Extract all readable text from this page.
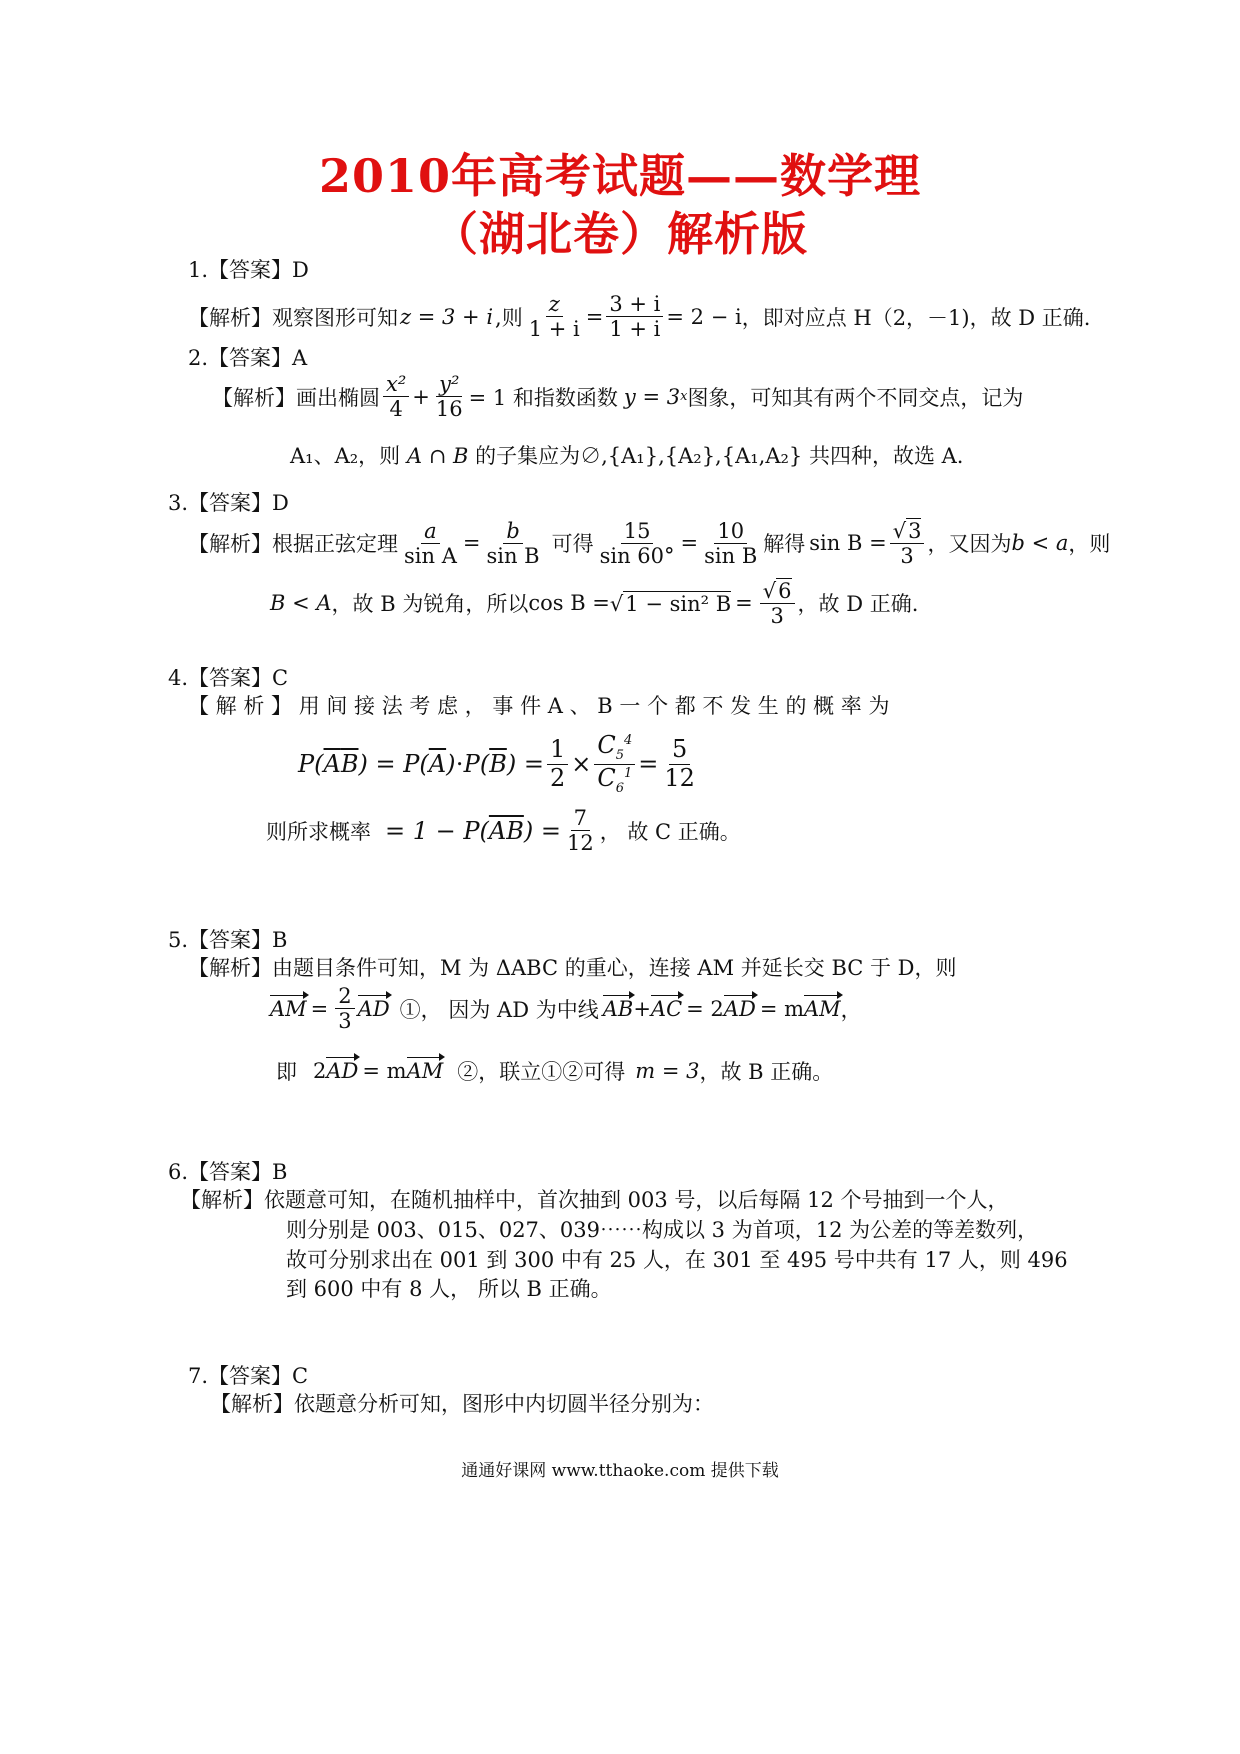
2010年高考试题——数学理
（湖北卷）解析版
1.【答案】D
【解析】观察图形可知 z = 3 + i ,则 $\frac{z}{1 + i} = \frac{3 + i}{1 + i} = 2 - i$ ，即对应点 H（2，－1)，故 D 正确.
2.【答案】A
【解析】画出椭圆 $\frac{\text{x²}}{4} + \frac{\text{y²}}{16} = 1$ 和指数函数 y = 3 x 图象，可知其有两个不同交点，记为
A₁、A₂，则 A ∩ B 的子集应为∅,{A₁},{A₂},{A₁,A₂} 共四种，故选 A.
3.【答案】D
【解析】根据正弦定理 $\frac{a}{\text{sin A}} = \frac{b}{\text{sin B}}$ 可得 $\frac{15}{\sin 60^\circ} = \frac{10}{\text{sin B}}$ 解得 $\sin B = \frac{√3}{3}$ ，又因为 b < a ，则
B < A ，故 B 为锐角，所以 cos B = √1 − sin² $B = \frac{√6}{3}$ ，故 D 正确.
4.【答案】C
【 解 析 】 用 间 接 法 考 虑 ， 事 件 A 、 B 一 个 都 不 发 生 的 概 率 为
P( $\overline{A}$ $\overline{B}$ ) = P( $\overline{A}$ )⋅P( $\overline{B}$ ) = $\frac{1}{2} \times \frac{C_5^4}{C_6^1} = \frac{5}{12}$
则所求概率 = 1 − P( $\overline{AB}$ ) = $\frac{7}{12}$ ， 故 C 正确。
5.【答案】B
【解析】由题目条件可知，M 为 ΔABC 的重心，连接 AM 并延长交 BC 于 D，则
AM = $\frac{2}{3}$ AD ①， 因为 AD 为中线 AB + AC = 2 AD = m AM ，
即 2 AD = m AM ②，联立①②可得 m = 3 ，故 B 正确。
6.【答案】B
【解析】依题意可知，在随机抽样中，首次抽到 003 号，以后每隔 12 个号抽到一个人，
则分别是 003、015、027、039⋯⋯构成以 3 为首项，12 为公差的等差数列，
故可分别求出在 001 到 300 中有 25 人，在 301 至 495 号中共有 17 人，则 496
到 600 中有 8 人， 所以 B 正确。
7.【答案】C
【解析】依题意分析可知，图形中内切圆半径分别为：
通通好课网 www.tthaoke.com 提供下载
